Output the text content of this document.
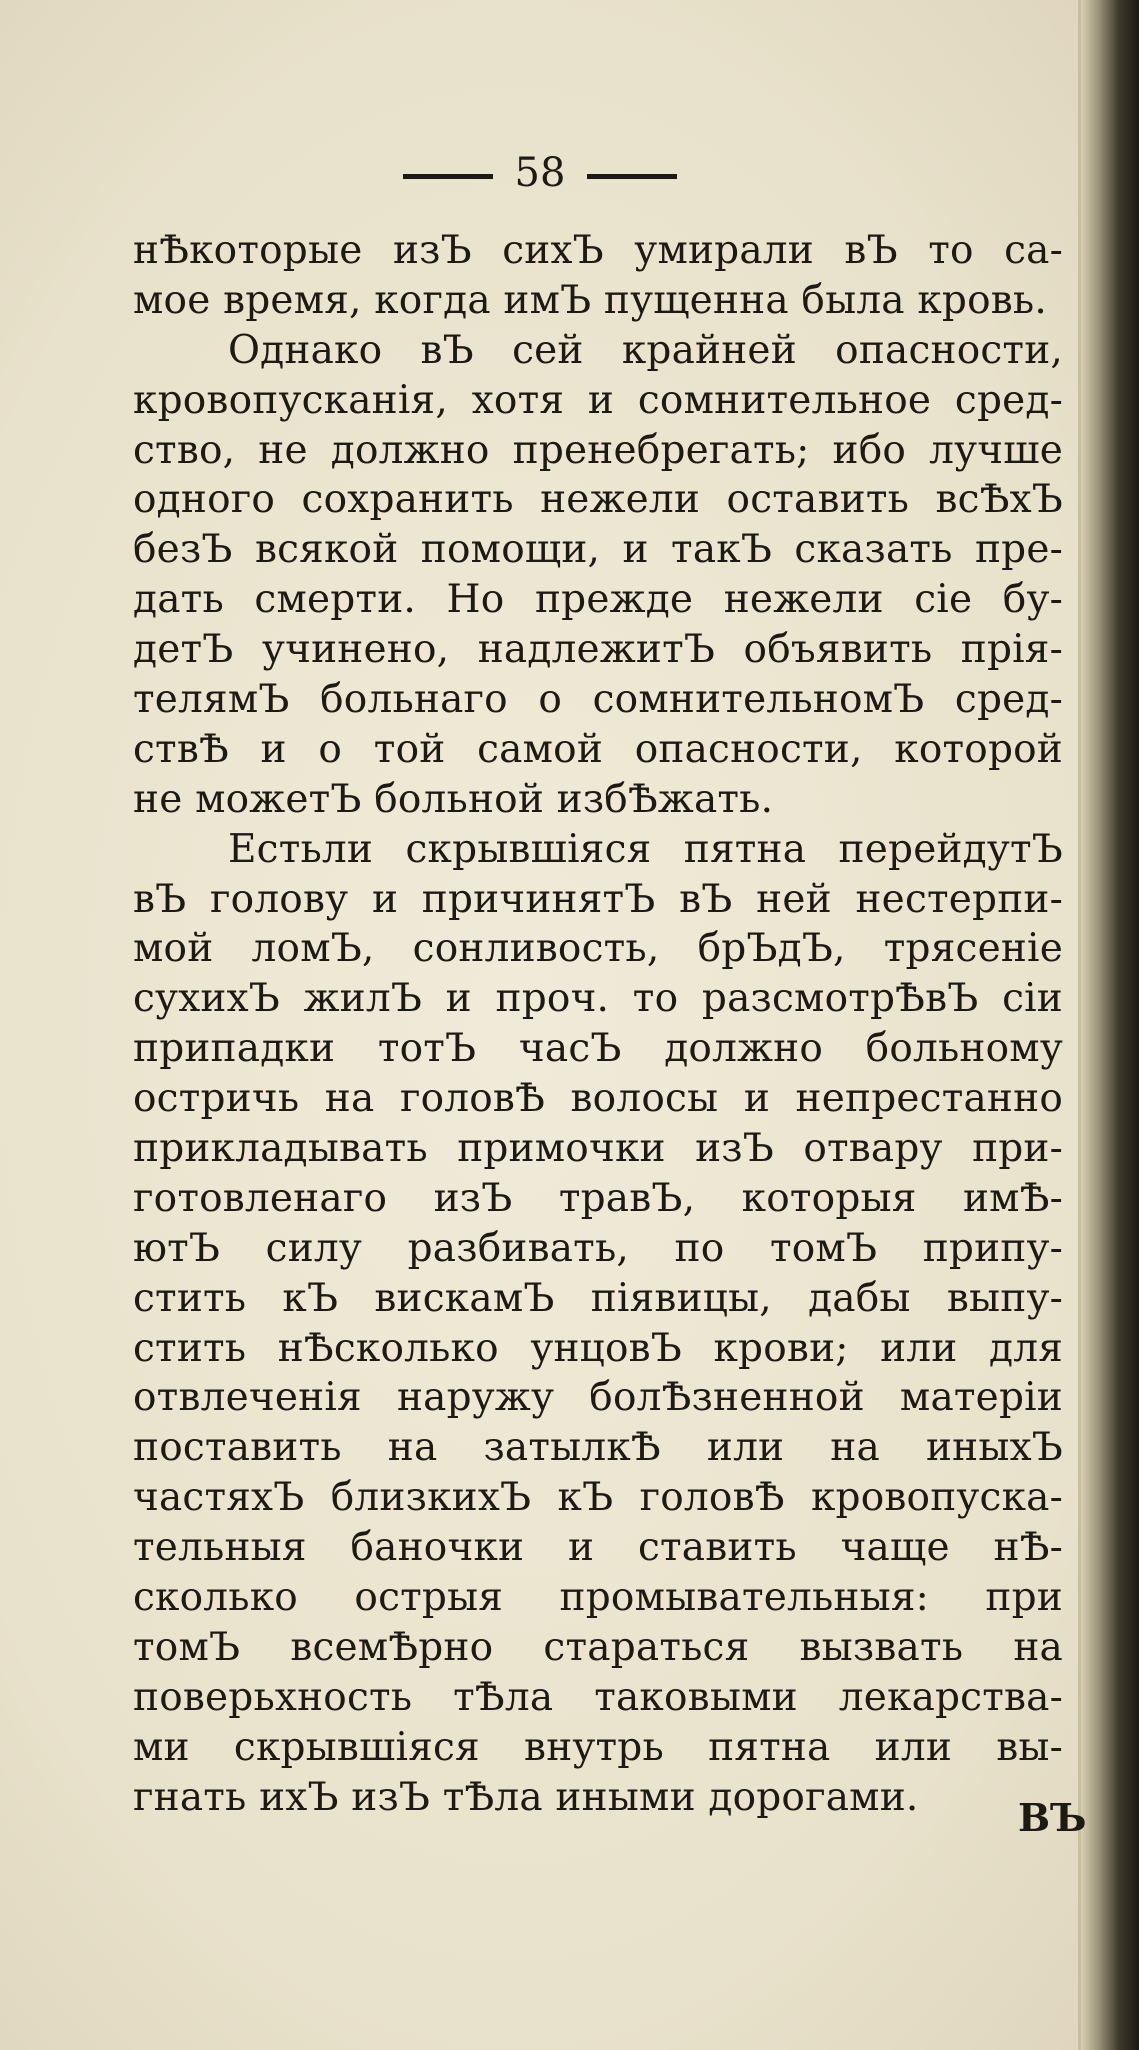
58
нѢкоторые изЪ сихЪ умирали вЪ то са-
мое время, когда имЪ пущенна была кровь.
Однако вЪ сей крайней опасности,
кровопусканія, хотя и сомнительное сред-
ство, не должно пренебрегать; ибо лучше
одного сохранить нежели оставить всѢхЪ
безЪ всякой помощи, и такЪ сказать пре-
дать смерти. Но прежде нежели сіе бу-
детЪ учинено, надлежитЪ объявить прія-
телямЪ больнаго о сомнительномЪ сред-
ствѢ и о той самой опасности, которой
не можетЪ больной избѢжать.
Естьли скрывшіяся пятна перейдутЪ
вЪ голову и причинятЪ вЪ ней нестерпи-
мой ломЪ, сонливость, брЪдЪ, трясеніе
сухихЪ жилЪ и проч. то разсмотрѢвЪ сіи
припадки тотЪ часЪ должно больному
остричь на головѢ волосы и непрестанно
прикладывать примочки изЪ отвару при-
готовленаго изЪ травЪ, которыя имѢ-
ютЪ силу разбивать, по томЪ припу-
стить кЪ вискамЪ піявицы, дабы выпу-
стить нѢсколько унцовЪ крови; или для
отвлеченія наружу болѢзненной матеріи
поставить на затылкѢ или на иныхЪ
частяхЪ близкихЪ кЪ головѢ кровопуска-
тельныя баночки и ставить чаще нѢ-
сколько острыя промывательныя: при
томЪ всемѢрно стараться вызвать на
поверьхность тѢла таковыми лекарства-
ми скрывшіяся внутрь пятна или вы-
гнать ихЪ изЪ тѢла иными дорогами.	ВЪ
